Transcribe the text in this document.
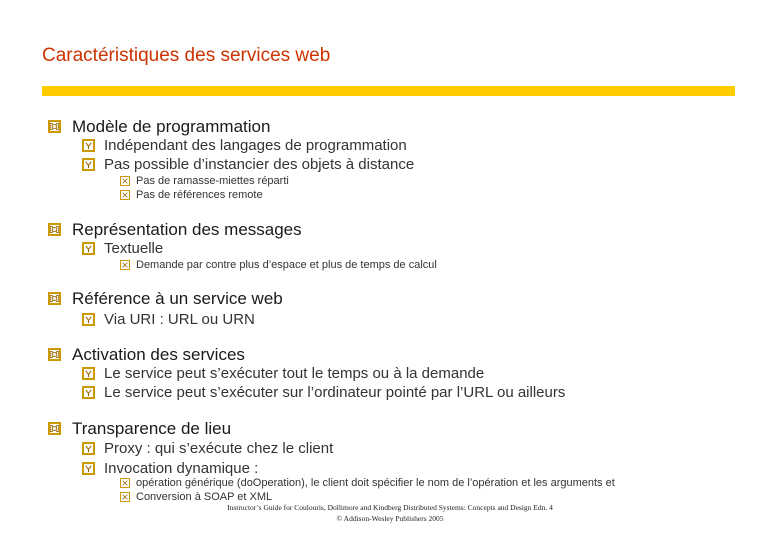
Caractéristiques des services web
Modèle de programmation
Indépendant des langages de programmation
Pas possible d’instancier des objets à distance
Pas de ramasse-miettes réparti
Pas de références remote
Représentation des messages
Textuelle
Demande par contre plus d’espace et plus de temps de calcul
Référence à un service web
Via URI : URL ou URN
Activation des services
Le service peut s’exécuter tout le temps ou à la demande
Le service peut s’exécuter sur l’ordinateur pointé par l’URL ou ailleurs
Transparence de lieu
Proxy : qui s’exécute chez le client
Invocation dynamique :
opération générique (doOperation), le client doit spécifier le nom de l’opération et les arguments et
Conversion à SOAP et XML
Instructor’s Guide for Coulouris, Dollimore and Kindberg Distributed Systems: Concepts and Design Edn. 4
© Addison-Wesley Publishers 2005
